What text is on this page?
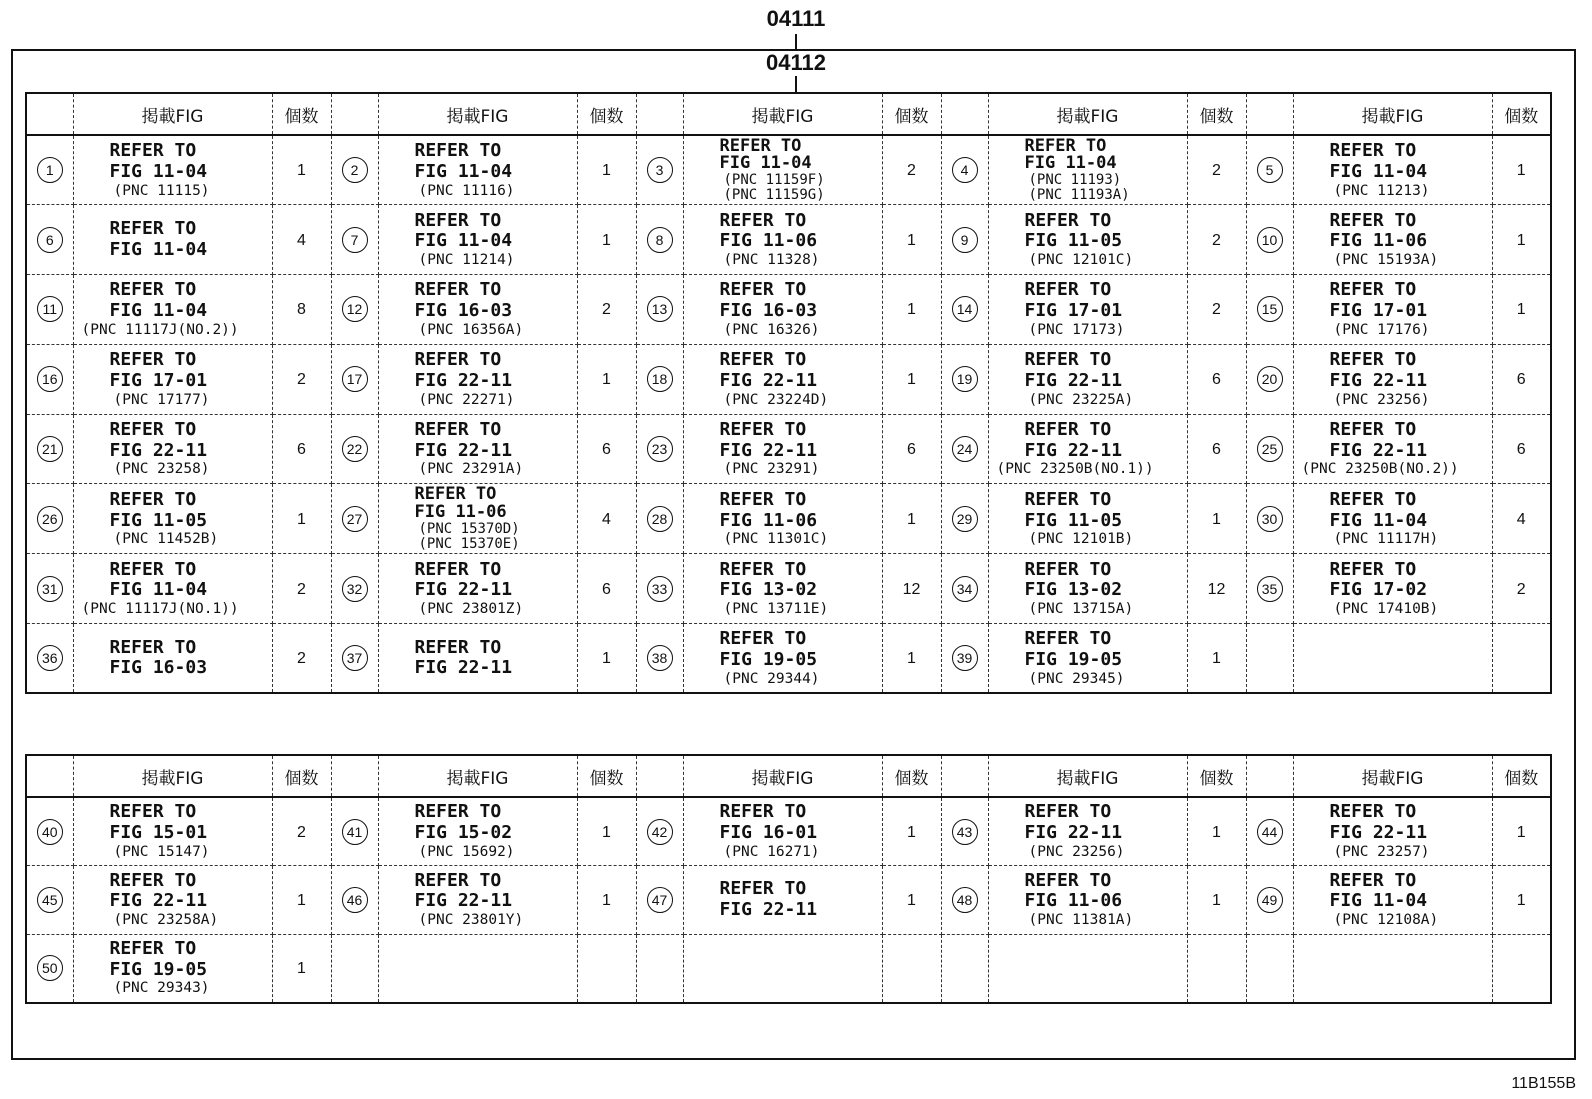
04111
04112
	掲載FIG	個数		掲載FIG	個数		掲載FIG	個数		掲載FIG	個数		掲載FIG	個数
1	REFER TO
FIG 11-04
(PNC 11115)	1	2	REFER TO
FIG 11-04
(PNC 11116)	1	3	REFER TO
FIG 11-04
(PNC 11159F)
(PNC 11159G)	2	4	REFER TO
FIG 11-04
(PNC 11193)
(PNC 11193A)	2	5	REFER TO
FIG 11-04
(PNC 11213)	1
6	REFER TO
FIG 11-04	4	7	REFER TO
FIG 11-04
(PNC 11214)	1	8	REFER TO
FIG 11-06
(PNC 11328)	1	9	REFER TO
FIG 11-05
(PNC 12101C)	2	10	REFER TO
FIG 11-06
(PNC 15193A)	1
11	REFER TO
FIG 11-04
(PNC 11117J(NO.2))	8	12	REFER TO
FIG 16-03
(PNC 16356A)	2	13	REFER TO
FIG 16-03
(PNC 16326)	1	14	REFER TO
FIG 17-01
(PNC 17173)	2	15	REFER TO
FIG 17-01
(PNC 17176)	1
16	REFER TO
FIG 17-01
(PNC 17177)	2	17	REFER TO
FIG 22-11
(PNC 22271)	1	18	REFER TO
FIG 22-11
(PNC 23224D)	1	19	REFER TO
FIG 22-11
(PNC 23225A)	6	20	REFER TO
FIG 22-11
(PNC 23256)	6
21	REFER TO
FIG 22-11
(PNC 23258)	6	22	REFER TO
FIG 22-11
(PNC 23291A)	6	23	REFER TO
FIG 22-11
(PNC 23291)	6	24	REFER TO
FIG 22-11
(PNC 23250B(NO.1))	6	25	REFER TO
FIG 22-11
(PNC 23250B(NO.2))	6
26	REFER TO
FIG 11-05
(PNC 11452B)	1	27	REFER TO
FIG 11-06
(PNC 15370D)
(PNC 15370E)	4	28	REFER TO
FIG 11-06
(PNC 11301C)	1	29	REFER TO
FIG 11-05
(PNC 12101B)	1	30	REFER TO
FIG 11-04
(PNC 11117H)	4
31	REFER TO
FIG 11-04
(PNC 11117J(NO.1))	2	32	REFER TO
FIG 22-11
(PNC 23801Z)	6	33	REFER TO
FIG 13-02
(PNC 13711E)	12	34	REFER TO
FIG 13-02
(PNC 13715A)	12	35	REFER TO
FIG 17-02
(PNC 17410B)	2
36	REFER TO
FIG 16-03	2	37	REFER TO
FIG 22-11	1	38	REFER TO
FIG 19-05
(PNC 29344)	1	39	REFER TO
FIG 19-05
(PNC 29345)	1			
	掲載FIG	個数		掲載FIG	個数		掲載FIG	個数		掲載FIG	個数		掲載FIG	個数
40	REFER TO
FIG 15-01
(PNC 15147)	2	41	REFER TO
FIG 15-02
(PNC 15692)	1	42	REFER TO
FIG 16-01
(PNC 16271)	1	43	REFER TO
FIG 22-11
(PNC 23256)	1	44	REFER TO
FIG 22-11
(PNC 23257)	1
45	REFER TO
FIG 22-11
(PNC 23258A)	1	46	REFER TO
FIG 22-11
(PNC 23801Y)	1	47	REFER TO
FIG 22-11	1	48	REFER TO
FIG 11-06
(PNC 11381A)	1	49	REFER TO
FIG 11-04
(PNC 12108A)	1
50	REFER TO
FIG 19-05
(PNC 29343)	1												
11B155B
